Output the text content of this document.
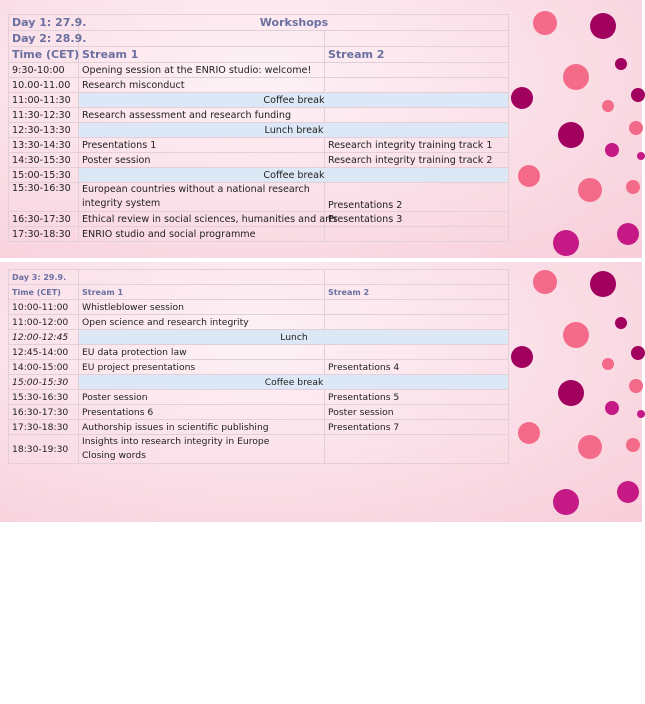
Day 1: 27.9.	Workshops	
Day 2: 28.9.		
Time (CET)	Stream 1	Stream 2
9:30-10:00	Opening session at the ENRIO studio: welcome!	
10.00-11.00	Research misconduct	
11:00-11:30	Coffee break	
11:30-12:30	Research assessment and research funding	
12:30-13:30	Lunch break	
13:30-14:30	Presentations 1	Research integrity training track 1
14:30-15:30	Poster session	Research integrity training track 2
15:00-15:30	Coffee break	
15:30-16:30	European countries without a national research
integrity system	Presentations 2
16:30-17:30	Ethical review in social sciences, humanities and arts	Presentations 3
17:30-18:30	ENRIO studio and social programme	
Day 3: 29.9.		
Time (CET)	Stream 1	Stream 2
10:00-11:00	Whistleblower session	
11:00-12:00	Open science and research integrity	
12:00-12:45	Lunch	
12:45-14:00	EU data protection law	
14:00-15:00	EU project presentations	Presentations 4
15:00-15:30	Coffee break	
15:30-16:30	Poster session	Presentations 5
16:30-17:30	Presentations 6	Poster session
17:30-18:30	Authorship issues in scientific publishing	Presentations 7
18:30-19:30	Insights into research integrity in Europe
Closing words	
